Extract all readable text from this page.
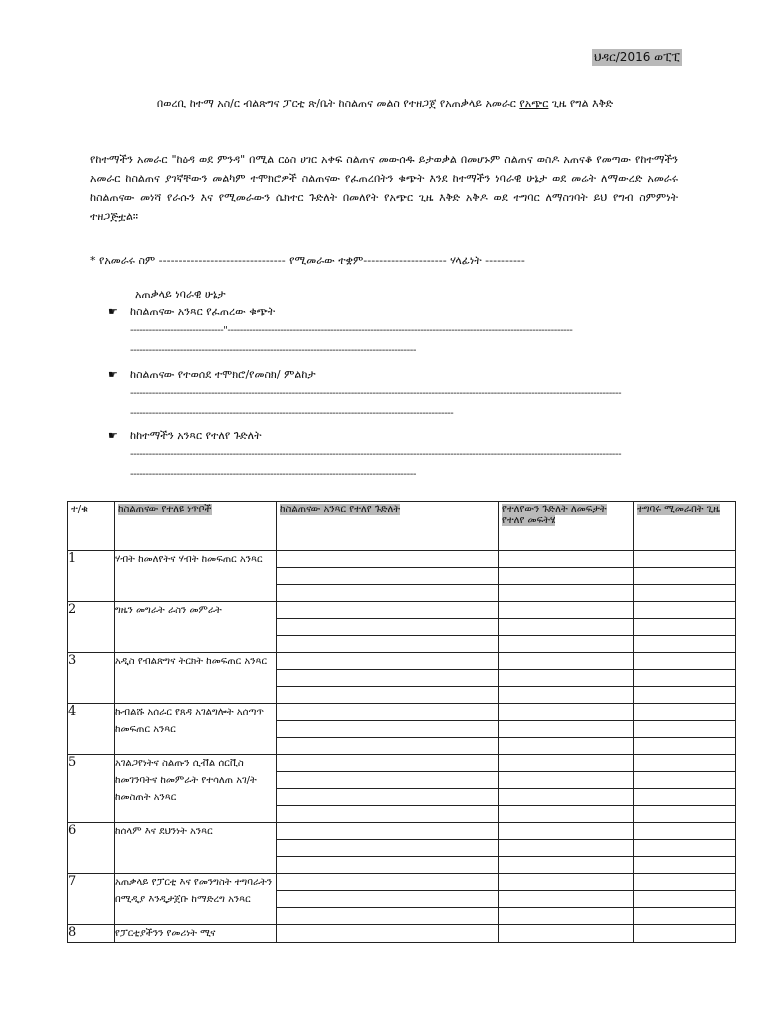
ህዳር/2016 ወፒፒ
በወረቢ ከተማ አስ/ር ብልጽግና ፓርቲ ጽ/ቤት ከስልጠና መልስ የተዘጋጀ የአጠቃላይ አመራር የአጭር ጊዜ የግል እቅድ
የከተማችን አመራር "ከዕዳ ወደ ምንዳ" በሚል ርዕስ ሀገር አቀፍ ስልጠና መውሰዱ ይታወቃል በመሆኑም ስልጠና ወስዶ አጠናቆ የመጣው የከተማችን አመራር ከስልጠና ያገኛቸውን መልካም ተሞክሮዎች ስልጠናው የፈጠረበትን ቁጭት እንደ ከተማችን ነባራዊ ሁኔታ ወደ መሬት ለማውረድ አመራሩ ከስልጠናው መነሻ የራሱን እና የሚመራውን ሴክተር ጉድለት በመለየት የአጭር ጊዜ እቅድ አቅዶ ወደ ተግባር ለማስገባት ይህ የግብ ስምምነት ተዘጋጅቷል።
* የአመራሩ ስም -------------------------------- የሚመራው ተቋም--------------------- ሃላፊነት ----------
አጠቃላይ ነባራዊ ሁኔታ
☛ ከስልጠናው አንጻር የፈጠረው ቁጭት
------------------------------"---------------------------------------------------------------------------------------------------------------
--------------------------------------------------------------------------------------------
☛ ከስልጠናው የተወሰደ ተሞክሮ/የመስክ/ ምልከታ
--------------------------------------------------------------------------------------------------------------------------------------------------------------
--------------------------------------------------------------------------------------------------------
☛ ከከተማችን አንጻር የተለየ ጉድለት
--------------------------------------------------------------------------------------------------------------------------------------------------------------
--------------------------------------------------------------------------------------------
ተ/ቁ	ከስልጠናው የተለዩ ነጥቦች	ከስልጠናው አንጻር የተለየ ጉድለት	የተለየውን ጉድለት ለመፍታት የተለየ መፍትሄ	ተግባሩ ሚመራበት ጊዜ
1	ሃብት ከመለየትና ሃብት ከመፍጠር አንጻር			

2	ግዜን መግራት ራስን መምራት			

3	አዲስ የብልጽግና ትርክት ከመፍጠር አንጻር			

4	ኩብልሹ አሰራር የጸዳ አገልግሎት አሰጣጥ ከመፍጠር አንጻር			

5	አገልጋየነትና ስልጡን ሲቭል ሰርቪስ ከመገንባትና ከመምራት የተሳለጠ አገ/ት ከመስጠት አንጻር			

6	ከሰላም እና ደህንነት አንጻር			

7	አጠቃላይ የፓርቲ እና የመንግስት ተግባራትን በሚዲያ እንዲታጀቡ ከማድረግ አንጻር			

8	የፓርቲያችንን የመሪነት ሚና			
